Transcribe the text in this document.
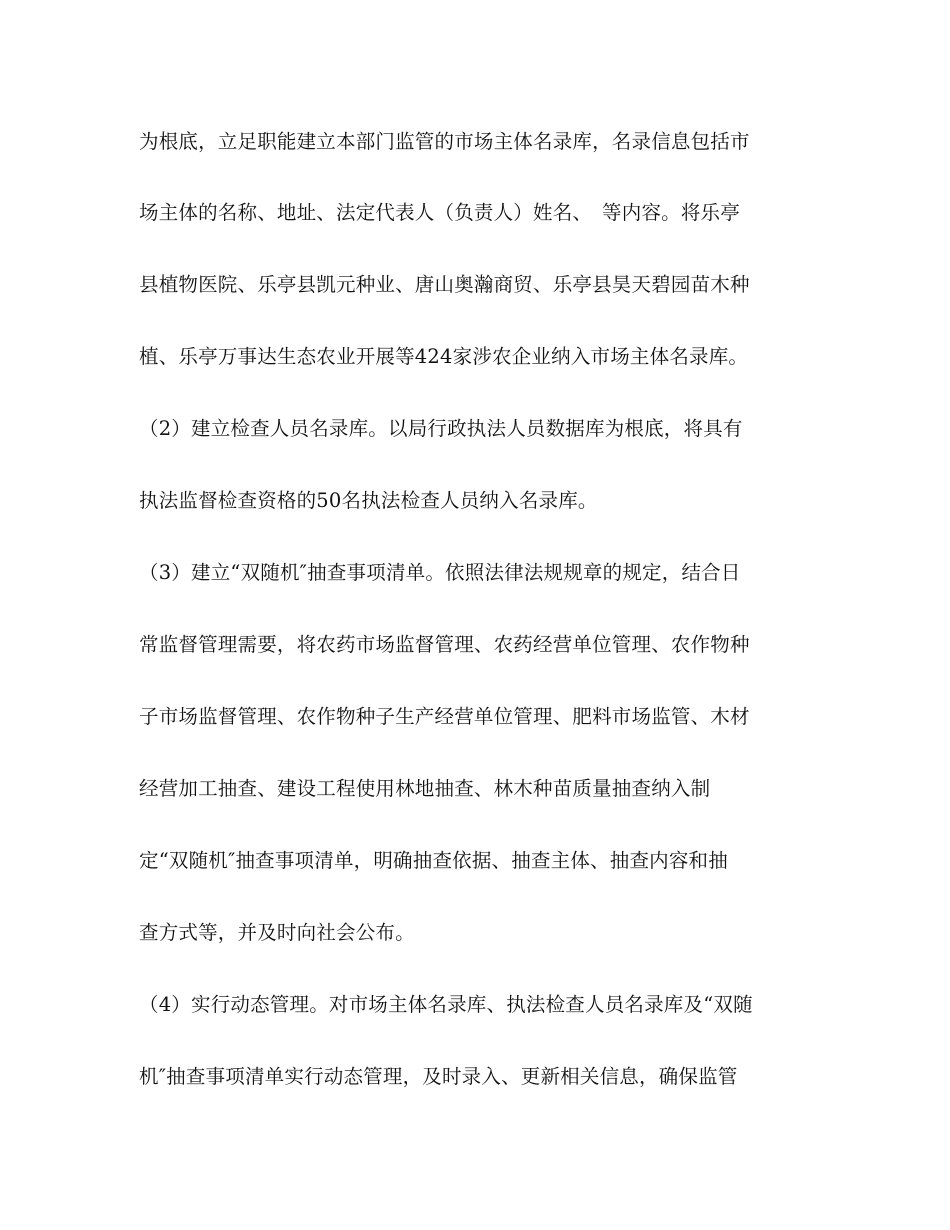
为根底，立足职能建立本部门监管的市场主体名录库，名录信息包括市
场主体的名称、地址、法定代表人（负责人）姓名、　等内容。将乐亭
县植物医院、乐亭县凯元种业、唐山奥瀚商贸、乐亭县昊天碧园苗木种
植、乐亭万事达生态农业开展等424家涉农企业纳入市场主体名录库。
（2）建立检查人员名录库。以局行政执法人员数据库为根底，将具有
执法监督检查资格的50名执法检查人员纳入名录库。
（3）建立“双随机″抽查事项清单。依照法律法规规章的规定，结合日
常监督管理需要，将农药市场监督管理、农药经营单位管理、农作物种
子市场监督管理、农作物种子生产经营单位管理、肥料市场监管、木材
经营加工抽查、建设工程使用林地抽查、林木种苗质量抽查纳入制
定“双随机″抽查事项清单，明确抽查依据、抽查主体、抽查内容和抽
查方式等，并及时向社会公布。
（4）实行动态管理。对市场主体名录库、执法检查人员名录库及“双随
机″抽查事项清单实行动态管理，及时录入、更新相关信息，确保监管
